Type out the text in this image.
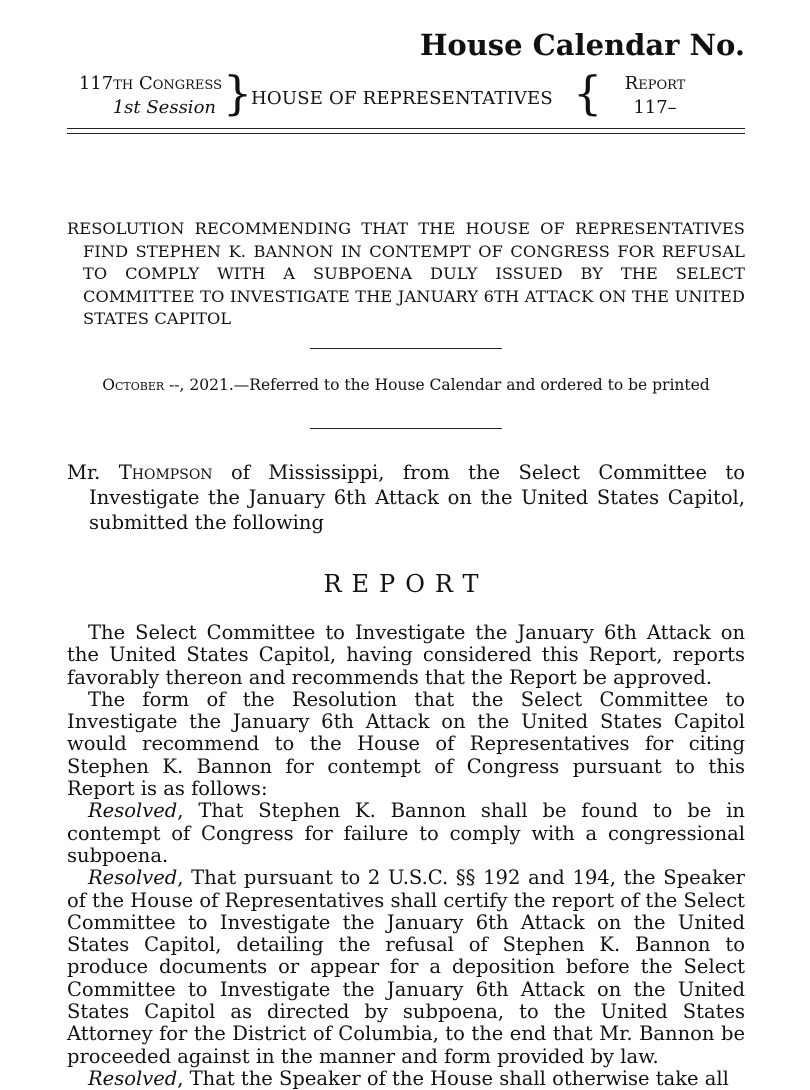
House Calendar No.
117th Congress
1st Session }
HOUSE OF REPRESENTATIVES { Report
117–
RESOLUTION RECOMMENDING THAT THE HOUSE OF REPRESENTATIVES FIND STEPHEN K. BANNON IN CONTEMPT OF CONGRESS FOR REFUSAL TO COMPLY WITH A SUBPOENA DULY ISSUED BY THE SELECT COMMITTEE TO INVESTIGATE THE JANUARY 6TH ATTACK ON THE UNITED STATES CAPITOL
October --, 2021.—Referred to the House Calendar and ordered to be printed
Mr. Thompson of Mississippi, from the Select Committee to Investigate the January 6th Attack on the United States Capitol, submitted the following
REPORT

The Select Committee to Investigate the January 6th Attack on the United States Capitol, having considered this Report, reports favorably thereon and recommends that the Report be approved.

The form of the Resolution that the Select Committee to Investigate the January 6th Attack on the United States Capitol would recommend to the House of Representatives for citing Stephen K. Bannon for contempt of Congress pursuant to this Report is as follows:

Resolved, That Stephen K. Bannon shall be found to be in contempt of Congress for failure to comply with a congressional subpoena.

Resolved, That pursuant to 2 U.S.C. §§ 192 and 194, the Speaker of the House of Representatives shall certify the report of the Select Committee to Investigate the January 6th Attack on the United States Capitol, detailing the refusal of Stephen K. Bannon to produce documents or appear for a deposition before the Select Committee to Investigate the January 6th Attack on the United States Capitol as directed by subpoena, to the United States Attorney for the District of Columbia, to the end that Mr. Bannon be proceeded against in the manner and form provided by law.

Resolved, That the Speaker of the House shall otherwise take all
